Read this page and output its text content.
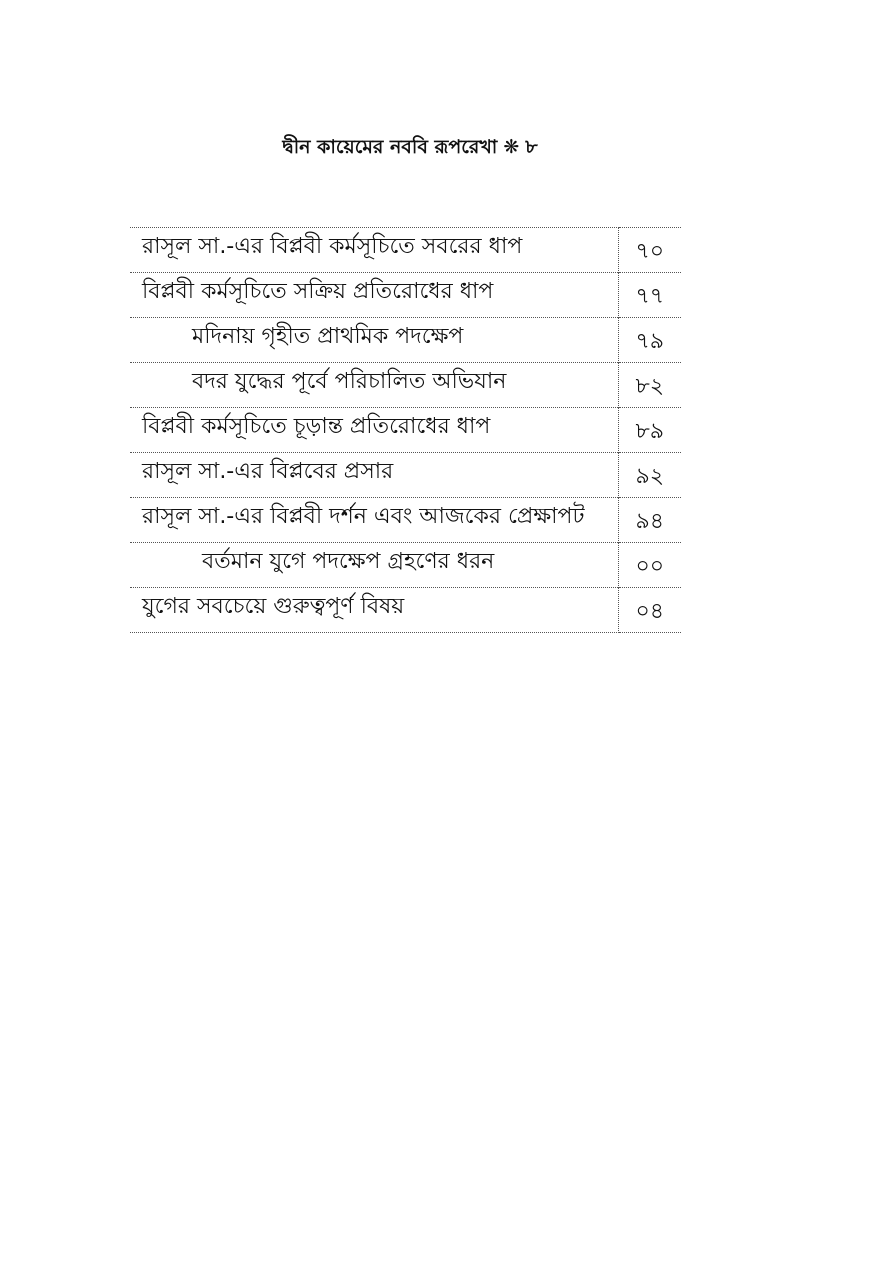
দ্বীন কায়েমের নববি রূপরেখা ❋ ৮
রাসূল সা.-এর বিপ্লবী কর্মসূচিতে সবরের ধাপ	৭০
বিপ্লবী কর্মসূচিতে সক্রিয় প্রতিরোধের ধাপ	৭৭
মদিনায় গৃহীত প্রাথমিক পদক্ষেপ	৭৯
বদর যুদ্ধের পূর্বে পরিচালিত অভিযান	৮২
বিপ্লবী কর্মসূচিতে চূড়ান্ত প্রতিরোধের ধাপ	৮৯
রাসূল সা.-এর বিপ্লবের প্রসার	৯২
রাসূল সা.-এর বিপ্লবী দর্শন এবং আজকের প্রেক্ষাপট	৯৪
বর্তমান যুগে পদক্ষেপ গ্রহণের ধরন	০০
যুগের সবচেয়ে গুরুত্বপূর্ণ বিষয়	০৪
